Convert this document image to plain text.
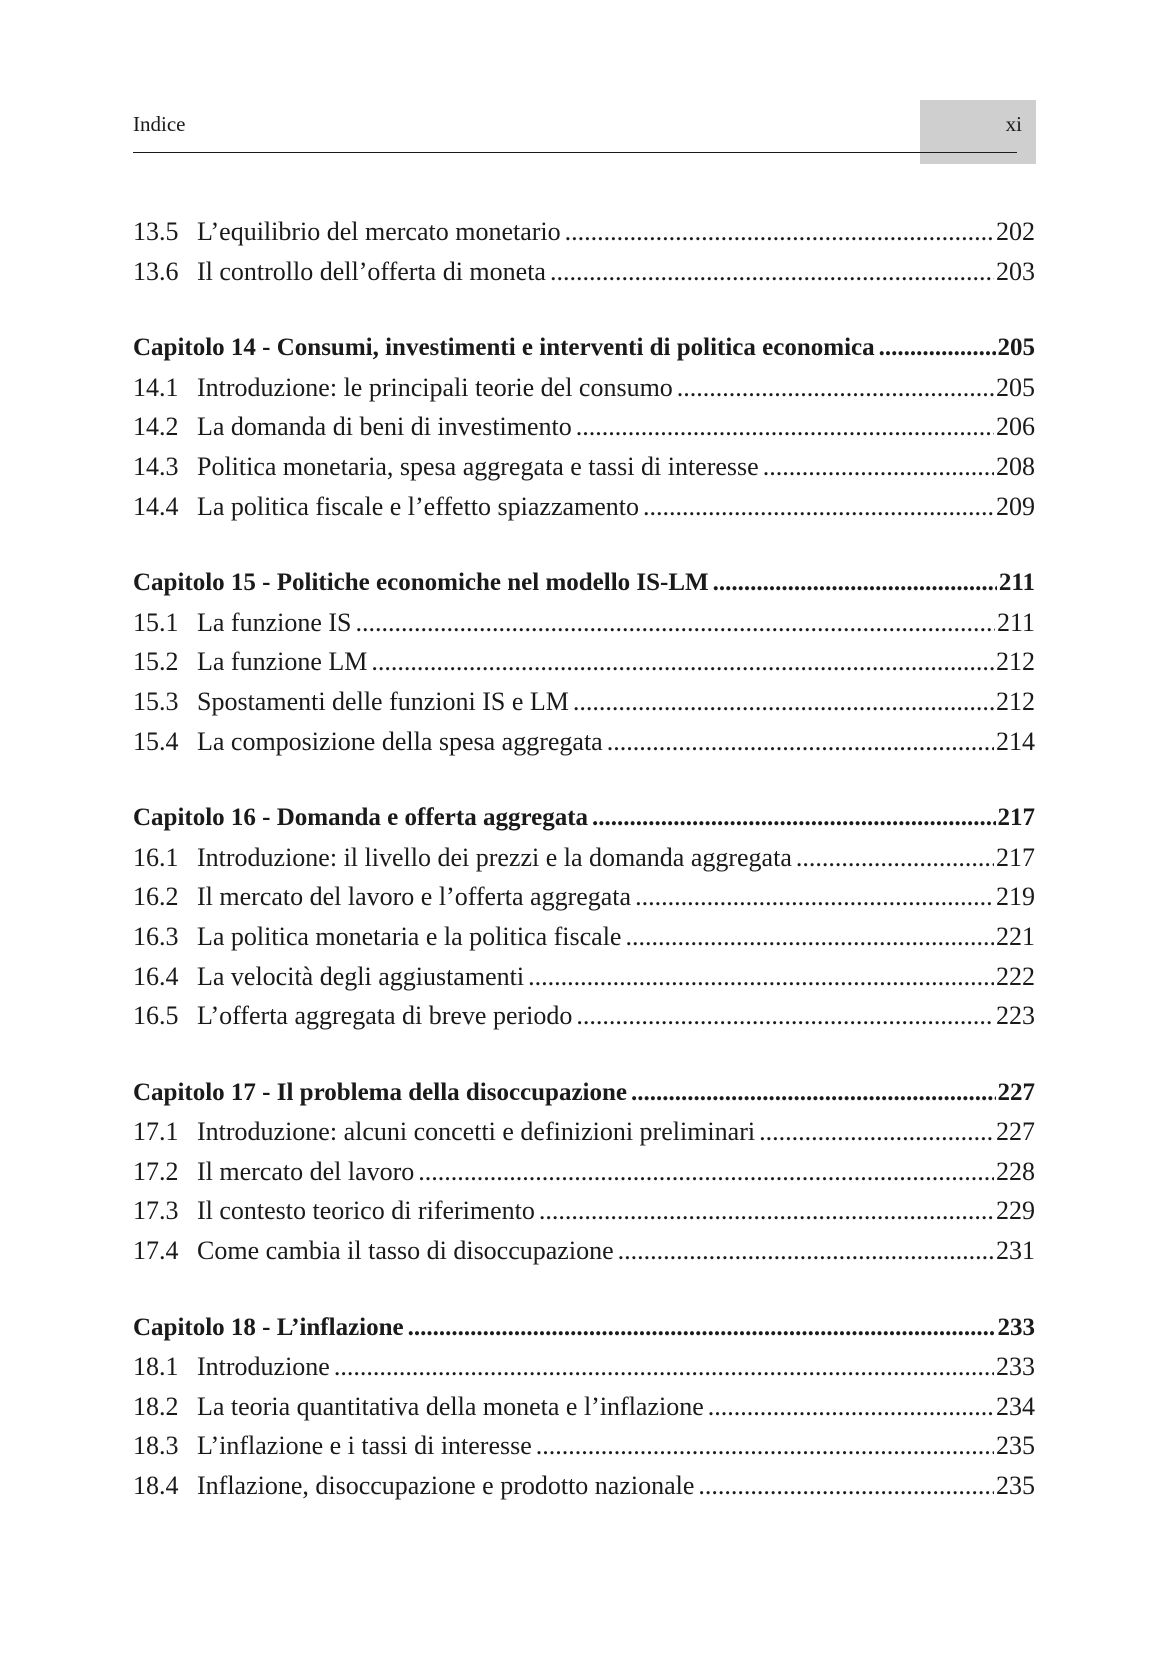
Indice	xi
13.5 L’equilibrio del mercato monetario .....	202
13.6 Il controllo dell’offerta di moneta .....	203
Capitolo 14 - Consumi, investimenti e interventi di politica economica .....	205
14.1 Introduzione: le principali teorie del consumo .....	205
14.2 La domanda di beni di investimento .....	206
14.3 Politica monetaria, spesa aggregata e tassi di interesse .....	208
14.4 La politica fiscale e l’effetto spiazzamento .....	209
Capitolo 15 - Politiche economiche nel modello IS-LM .....	211
15.1 La funzione IS .....	211
15.2 La funzione LM .....	212
15.3 Spostamenti delle funzioni IS e LM .....	212
15.4 La composizione della spesa aggregata .....	214
Capitolo 16 - Domanda e offerta aggregata .....	217
16.1 Introduzione: il livello dei prezzi e la domanda aggregata .....	217
16.2 Il mercato del lavoro e l’offerta aggregata .....	219
16.3 La politica monetaria e la politica fiscale .....	221
16.4 La velocità degli aggiustamenti .....	222
16.5 L’offerta aggregata di breve periodo .....	223
Capitolo 17 - Il problema della disoccupazione .....	227
17.1 Introduzione: alcuni concetti e definizioni preliminari .....	227
17.2 Il mercato del lavoro .....	228
17.3 Il contesto teorico di riferimento .....	229
17.4 Come cambia il tasso di disoccupazione .....	231
Capitolo 18 - L’inflazione .....	233
18.1 Introduzione .....	233
18.2 La teoria quantitativa della moneta e l’inflazione .....	234
18.3 L’inflazione e i tassi di interesse .....	235
18.4 Inflazione, disoccupazione e prodotto nazionale .....	235
